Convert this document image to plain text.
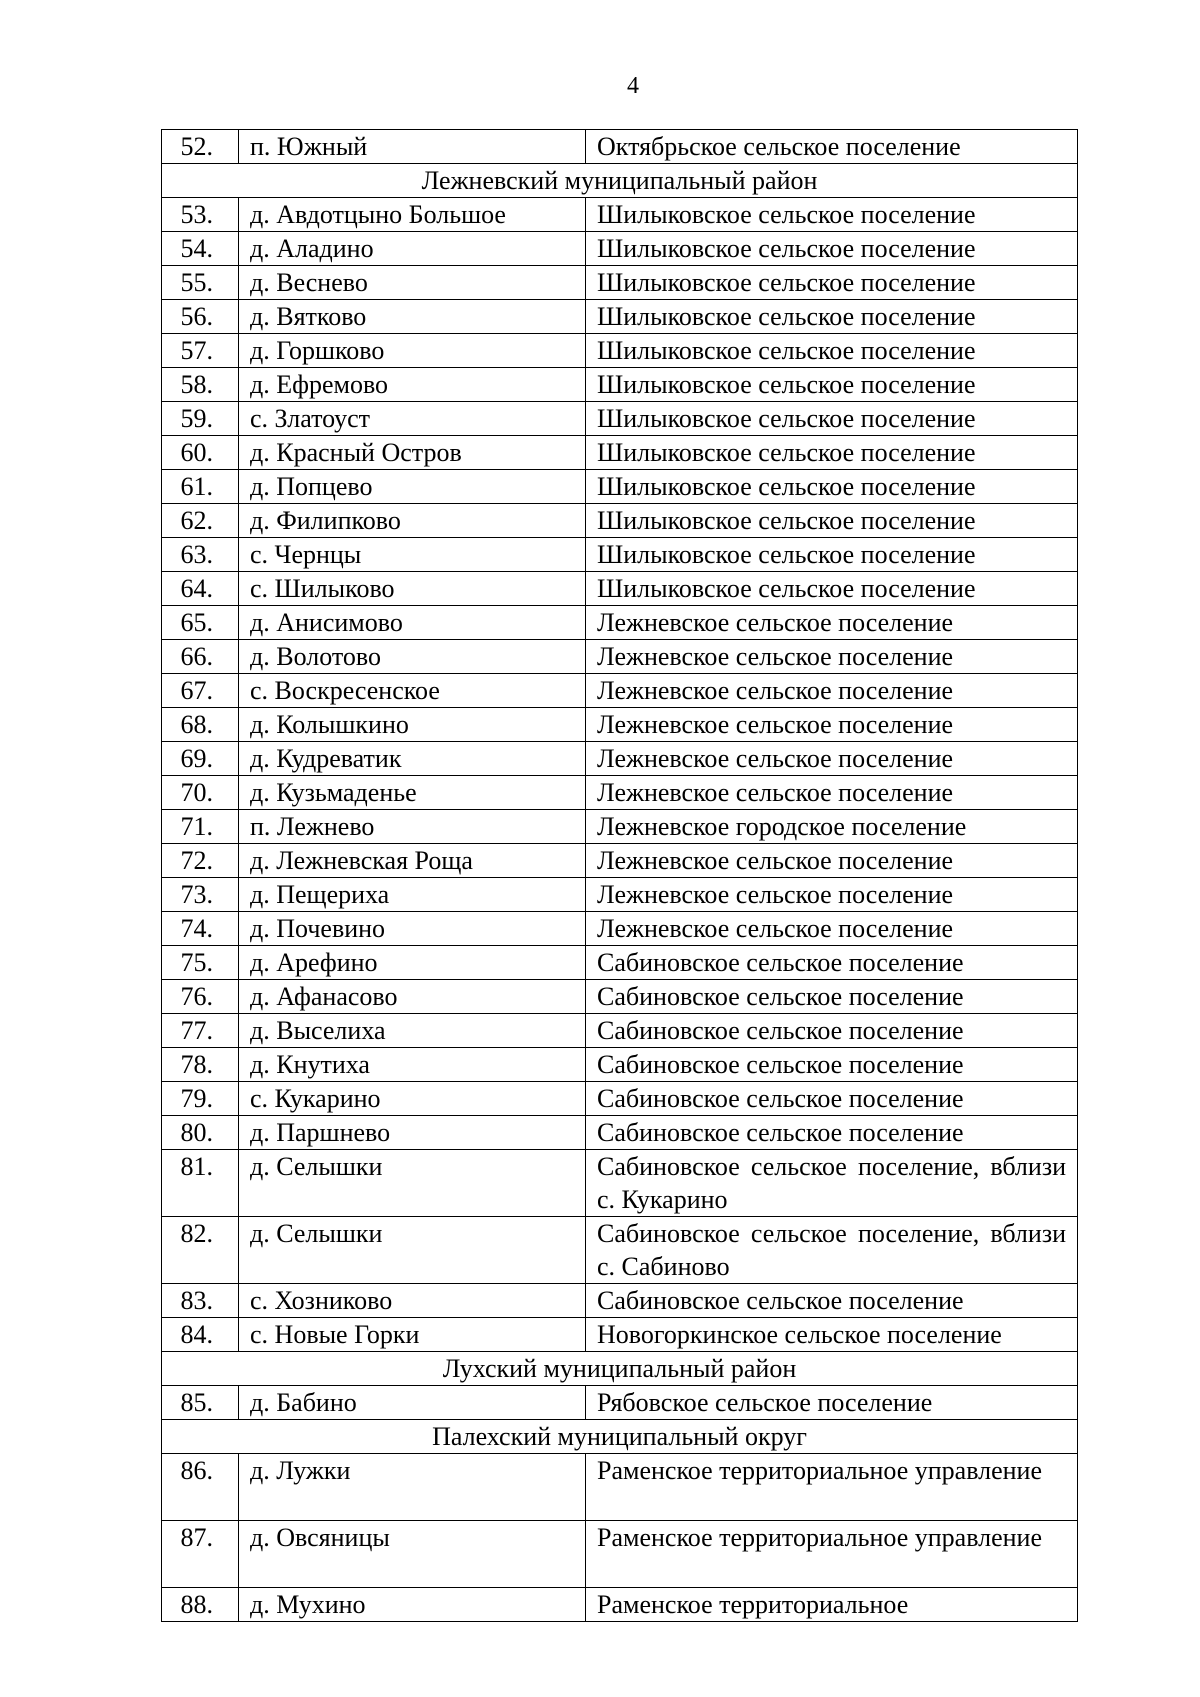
4
52.	п. Южный	Октябрьское сельское поселение
Лежневский муниципальный район		
53.	д. Авдотцыно Большое	Шилыковское сельское поселение
54.	д. Аладино	Шилыковское сельское поселение
55.	д. Веснево	Шилыковское сельское поселение
56.	д. Вятково	Шилыковское сельское поселение
57.	д. Горшково	Шилыковское сельское поселение
58.	д. Ефремово	Шилыковское сельское поселение
59.	с. Златоуст	Шилыковское сельское поселение
60.	д. Красный Остров	Шилыковское сельское поселение
61.	д. Попцево	Шилыковское сельское поселение
62.	д. Филипково	Шилыковское сельское поселение
63.	с. Чернцы	Шилыковское сельское поселение
64.	с. Шилыково	Шилыковское сельское поселение
65.	д. Анисимово	Лежневское сельское поселение
66.	д. Волотово	Лежневское сельское поселение
67.	с. Воскресенское	Лежневское сельское поселение
68.	д. Колышкино	Лежневское сельское поселение
69.	д. Кудреватик	Лежневское сельское поселение
70.	д. Кузьмаденье	Лежневское сельское поселение
71.	п. Лежнево	Лежневское городское поселение
72.	д. Лежневская Роща	Лежневское сельское поселение
73.	д. Пещериха	Лежневское сельское поселение
74.	д. Почевино	Лежневское сельское поселение
75.	д. Арефино	Сабиновское сельское поселение
76.	д. Афанасово	Сабиновское сельское поселение
77.	д. Выселиха	Сабиновское сельское поселение
78.	д. Кнутиха	Сабиновское сельское поселение
79.	с. Кукарино	Сабиновское сельское поселение
80.	д. Паршнево	Сабиновское сельское поселение
81.	д. Селышки	Сабиновское сельское поселение, вблизи с. Кукарино
82.	д. Селышки	Сабиновское сельское поселение, вблизи с. Сабиново
83.	с. Хозниково	Сабиновское сельское поселение
84.	с. Новые Горки	Новогоркинское сельское поселение
Лухский муниципальный район		
85.	д. Бабино	Рябовское сельское поселение
Палехский муниципальный округ		
86.	д. Лужки	Раменское территориальное управление
87.	д. Овсяницы	Раменское территориальное управление
88.	д. Мухино	Раменское территориальное
